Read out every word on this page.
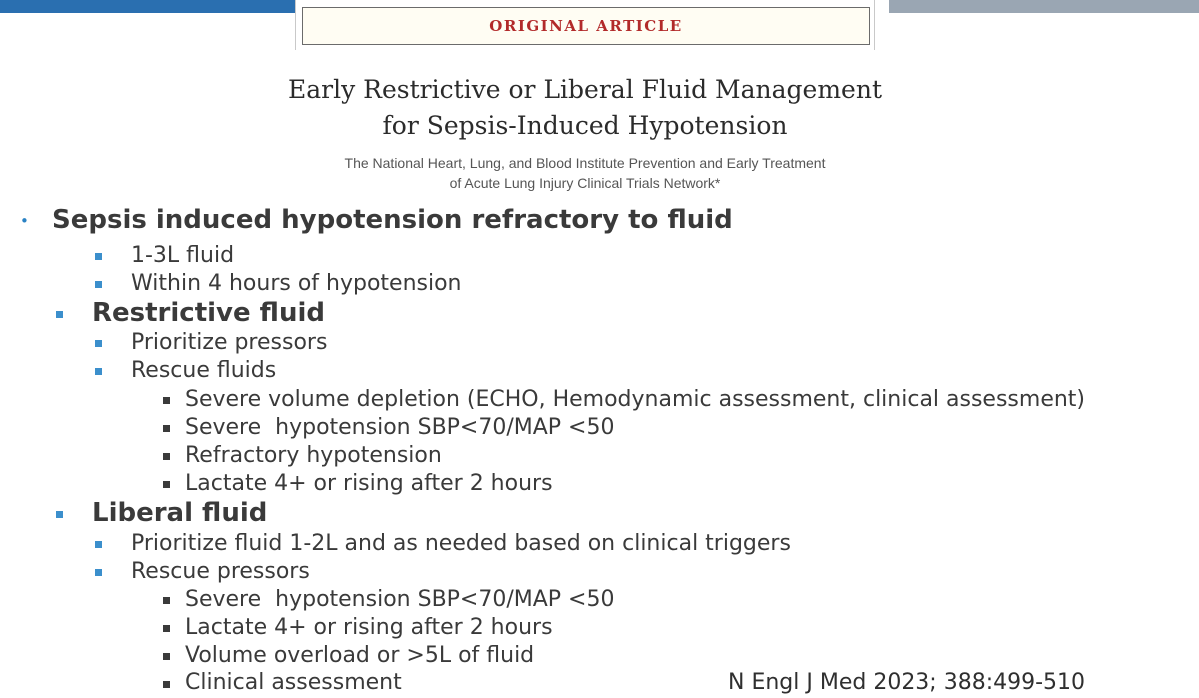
ORIGINAL ARTICLE
Early Restrictive or Liberal Fluid Management
for Sepsis-Induced Hypotension
The National Heart, Lung, and Blood Institute Prevention and Early Treatment
of Acute Lung Injury Clinical Trials Network*
• Sepsis induced hypotension refractory to fluid
1-3L fluid
Within 4 hours of hypotension
Restrictive fluid
Prioritize pressors
Rescue fluids
Severe volume depletion (ECHO, Hemodynamic assessment, clinical assessment)
Severe  hypotension SBP<70/MAP <50
Refractory hypotension
Lactate 4+ or rising after 2 hours
Liberal fluid
Prioritize fluid 1-2L and as needed based on clinical triggers
Rescue pressors
Severe  hypotension SBP<70/MAP <50
Lactate 4+ or rising after 2 hours
Volume overload or >5L of fluid
Clinical assessment	N Engl J Med 2023; 388:499-510
